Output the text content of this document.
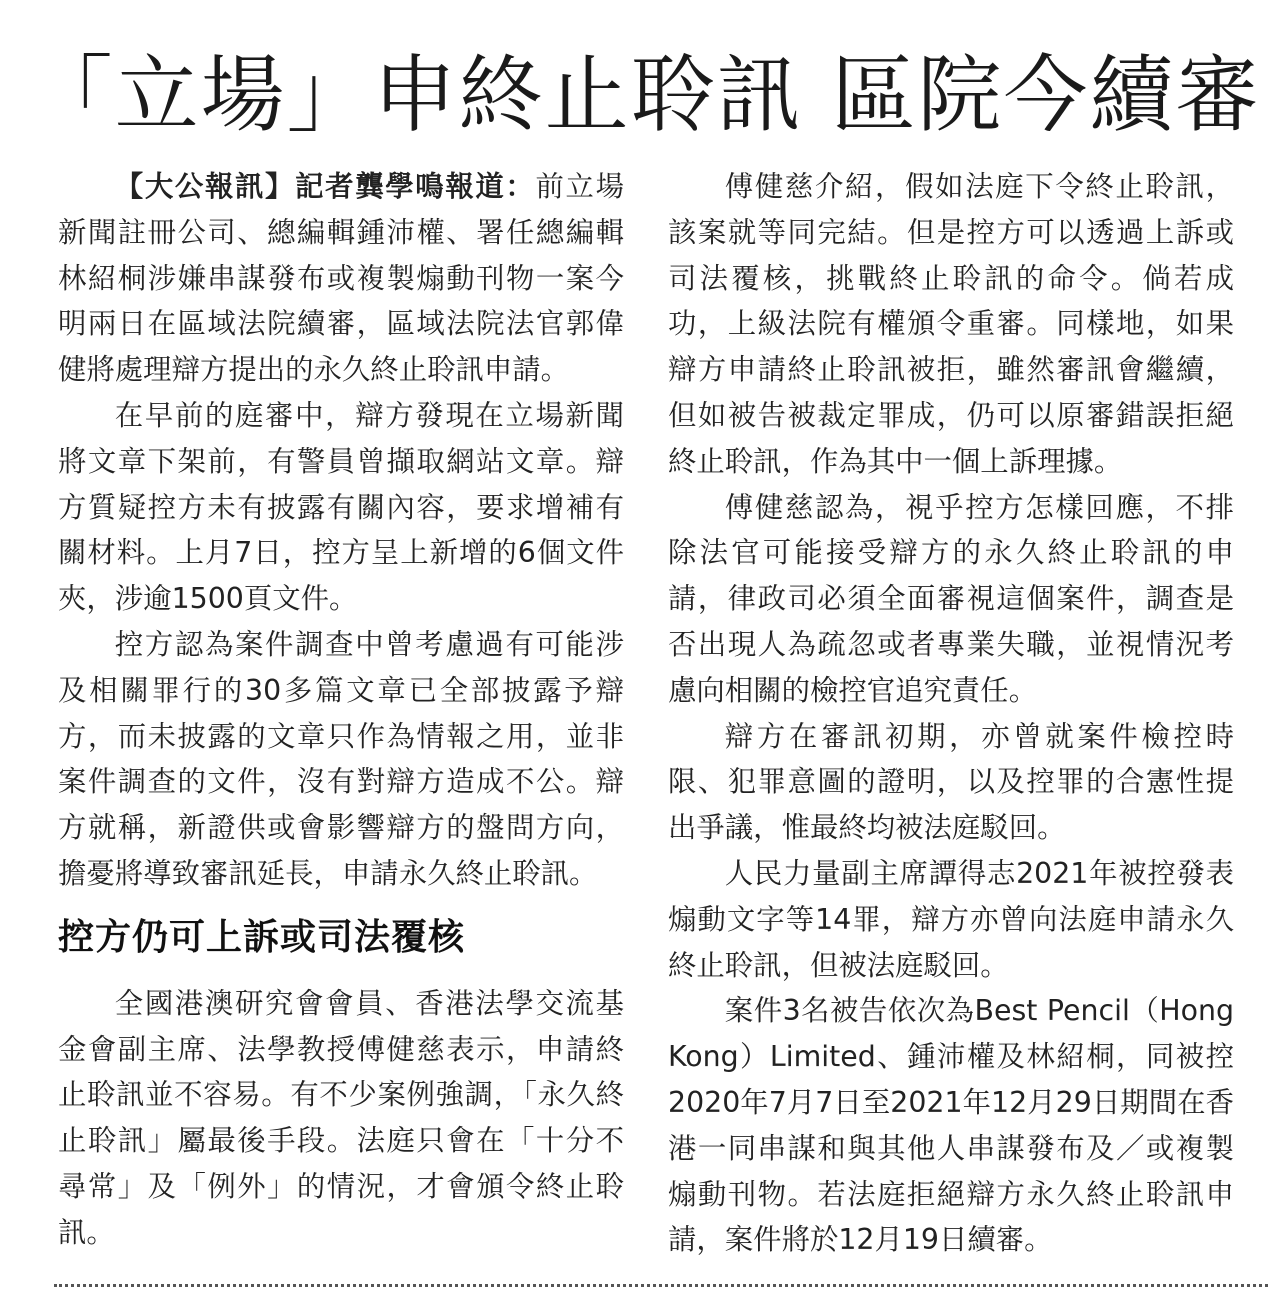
「立場」申終止聆訊 區院今續審

【大公報訊】記者龔學鳴報道：前立場新聞註冊公司、總編輯鍾沛權、署任總編輯林紹桐涉嫌串謀發布或複製煽動刊物一案今明兩日在區域法院續審，區域法院法官郭偉健將處理辯方提出的永久終止聆訊申請。

在早前的庭審中，辯方發現在立場新聞將文章下架前，有警員曾擷取網站文章。辯方質疑控方未有披露有關內容，要求增補有關材料。上月7日，控方呈上新增的6個文件夾，涉逾1500頁文件。

控方認為案件調查中曾考慮過有可能涉及相關罪行的30多篇文章已全部披露予辯方，而未披露的文章只作為情報之用，並非案件調查的文件，沒有對辯方造成不公。辯方就稱，新證供或會影響辯方的盤問方向，擔憂將導致審訊延長，申請永久終止聆訊。

控方仍可上訴或司法覆核

全國港澳研究會會員、香港法學交流基金會副主席、法學教授傅健慈表示，申請終止聆訊並不容易。有不少案例強調，「永久終止聆訊」屬最後手段。法庭只會在「十分不尋常」及「例外」的情況，才會頒令終止聆訊。

傅健慈介紹，假如法庭下令終止聆訊，該案就等同完結。但是控方可以透過上訴或司法覆核，挑戰終止聆訊的命令。倘若成功，上級法院有權頒令重審。同樣地，如果辯方申請終止聆訊被拒，雖然審訊會繼續，但如被告被裁定罪成，仍可以原審錯誤拒絕終止聆訊，作為其中一個上訴理據。

傅健慈認為，視乎控方怎樣回應，不排除法官可能接受辯方的永久終止聆訊的申請，律政司必須全面審視這個案件，調查是否出現人為疏忽或者專業失職，並視情況考慮向相關的檢控官追究責任。

辯方在審訊初期，亦曾就案件檢控時限、犯罪意圖的證明，以及控罪的合憲性提出爭議，惟最終均被法庭駁回。

人民力量副主席譚得志2021年被控發表煽動文字等14罪，辯方亦曾向法庭申請永久終止聆訊，但被法庭駁回。

案件3名被告依次為Best Pencil（Hong Kong）Limited、鍾沛權及林紹桐，同被控2020年7月7日至2021年12月29日期間在香港一同串謀和與其他人串謀發布及／或複製煽動刊物。若法庭拒絕辯方永久終止聆訊申請，案件將於12月19日續審。
